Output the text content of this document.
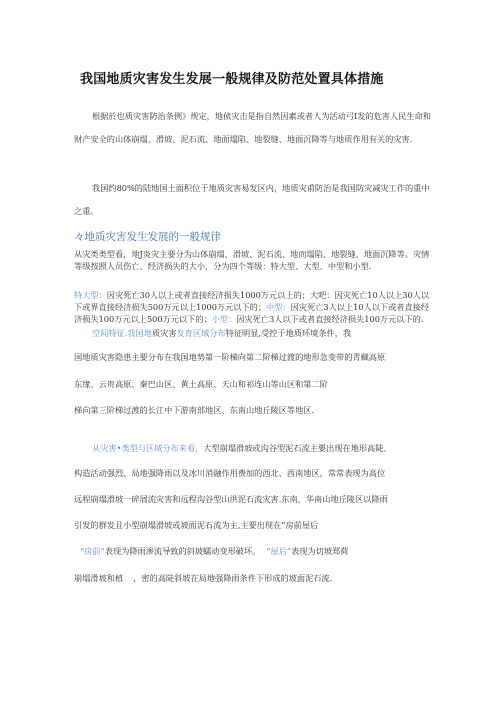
我国地质灾害发生发展一般规律及防范处置具体措施
根据於也质灾害防治条例》规定，地侦灾击是指自然因素或者人为活动弓I发的危害人民生命和财产安全的山体崩塌、滑坡、泥石流、地面塌陷、地裂缝、地面沉降等与地质作用有关的灾害.
我国约80%的陆地国土面积位于地质灾害易发区内，地质灾甫防治是我国防灾减灾工作的重中之重。
々地质灾害发生发展的一般规律
从灾类类型看，地J炎灾主要分为山体崩塌、滑坡、泥石流、地而塌陷、地裂缝、地面沉降等。灾情等级按照人员伤亡、经济损失的大小，分为四个等级：特大型、大型、中型和小型.
特大型：因灾死亡30人以上或者直接经济损失1000万元以上的；大吧：因灾死亡10人以上30人以下或界直接经济损失500万元以上1000万元以下的；中型：因灾死亡3人以上10人以下或者直接经济损失100万元以上500万元以下的；小型：因灾死亡3人以下或者直接经济损失100万元以下的.
空间特征.我国地质灾害发育区域分布特征明显,受控于地质环境条件，我
国地质灾害隐患主要分布在我国地势第一阶梯向第二阶梯过渡的地形急变带的青藏高原
东缘、云贵高原、秦巴山区、黄土高原、天山和祁连山等山区和第二阶
梯向第三阶梯过渡的长江中下游南部地区、东南山地丘陵区等地区.
从灾害•类型与区域分布来看，大型崩塌滑坡或沟谷型泥石流主要出现在地形高陡、
构造活动强烈、局地强降雨以及冰川消融作用费加的西北、西南地区，常常表现为高位
远程崩塌滑坡一碎屑流灾害和远程沟谷型山洪泥石流灾害.东南、华南山地丘陵区以降雨
引发的群发且小型崩塌滑坡或坡面泥石流为主,主要出现在“房前屋后
“房前”表现为降雨渗流导致的斜坡蠕动变形破坏。 “屋后”表现为切坡郑荷
崩塌滑坡和植 ，密的高陡斜坡在局地强降雨条件下形成的坡面泥石流.
